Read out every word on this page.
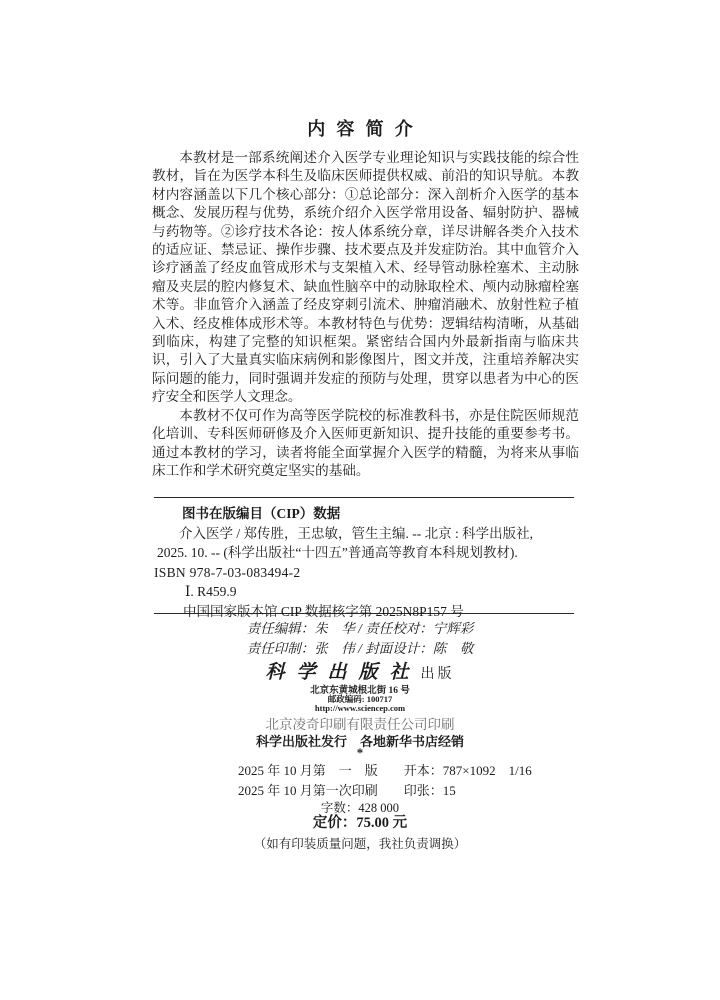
内容简介

本教材是一部系统阐述介入医学专业理论知识与实践技能的综合性教材，旨在为医学本科生及临床医师提供权威、前沿的知识导航。本教材内容涵盖以下几个核心部分：①总论部分：深入剖析介入医学的基本概念、发展历程与优势，系统介绍介入医学常用设备、辐射防护、器械与药物等。②诊疗技术各论：按人体系统分章，详尽讲解各类介入技术的适应证、禁忌证、操作步骤、技术要点及并发症防治。其中血管介入诊疗涵盖了经皮血管成形术与支架植入术、经导管动脉栓塞术、主动脉瘤及夹层的腔内修复术、缺血性脑卒中的动脉取栓术、颅内动脉瘤栓塞术等。非血管介入涵盖了经皮穿刺引流术、肿瘤消融术、放射性粒子植入术、经皮椎体成形术等。本教材特色与优势：逻辑结构清晰，从基础到临床，构建了完整的知识框架。紧密结合国内外最新指南与临床共识，引入了大量真实临床病例和影像图片，图文并茂，注重培养解决实际问题的能力，同时强调并发症的预防与处理，贯穿以患者为中心的医疗安全和医学人文理念。

本教材不仅可作为高等医学院校的标准教科书，亦是住院医师规范化培训、专科医师研修及介入医师更新知识、提升技能的重要参考书。通过本教材的学习，读者将能全面掌握介入医学的精髓，为将来从事临床工作和学术研究奠定坚实的基础。

图书在版编目（CIP）数据
介入医学 / 郑传胜，王忠敏，管生主编. -- 北京 : 科学出版社,
2025. 10. -- (科学出版社“十四五”普通高等教育本科规划教材).
ISBN 978-7-03-083494-2
Ⅰ. R459.9
中国国家版本馆 CIP 数据核字第 2025N8P157 号
责任编辑：朱　华 / 责任校对：宁辉彩
责任印制：张　伟 / 封面设计：陈　敬
科学出版社 出版
北京东黄城根北街 16 号
邮政编码: 100717
http://www.sciencep.com
北京凌奇印刷有限责任公司印刷
科学出版社发行　各地新华书店经销
*
2025 年 10 月第　一　版　　开本：787×1092　1/16
2025 年 10 月第一次印刷　　印张：15
字数：428 000
定价：75.00 元
（如有印装质量问题，我社负责调换）
